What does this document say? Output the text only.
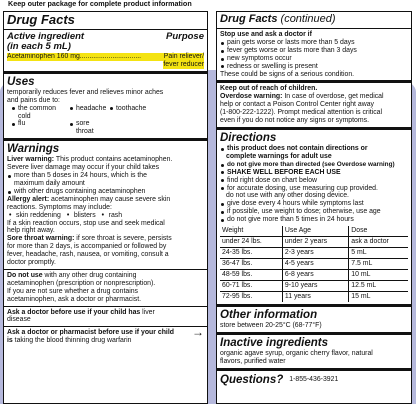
Keep outer package for complete product information
Drug Facts
Active ingredient
(in each 5 mL)
Purpose
Acetaminophen 160 mg................................	Pain reliever/
fever reducer
Uses
temporarily reduces fever and relieves minor aches
and pains due to:
the common cold
headache	toothache
flu	sore throat
Warnings
Liver warning: This product contains acetaminophen.
Severe liver damage may occur if your child takes
more than 5 doses in 24 hours, which is the
maximum daily amount
with other drugs containing acetaminophen
Allergy alert: acetaminophen may cause severe skin
reactions. Symptoms may include:
• skin reddening • blisters • rash
If a skin reaction occurs, stop use and seek medical
help right away.
Sore throat warning: if sore throat is severe, persists
for more than 2 days, is accompanied or followed by
fever, headache, rash, nausea, or vomiting, consult a
doctor promptly.
Do not use with any other drug containing
acetaminophen (prescription or nonprescription).
If you are not sure whether a drug contains
acetaminophen, ask a doctor or pharmacist.
Ask a doctor before use if your child has liver
disease
Ask a doctor or pharmacist before use if your child
is taking the blood thinning drug warfarin
→
Drug Facts (continued)
Stop use and ask a doctor if
pain gets worse or lasts more than 5 days
fever gets worse or lasts more than 3 days
new symptoms occur
redness or swelling is present
These could be signs of a serious condition.
Keep out of reach of children.
Overdose warning: In case of overdose, get medical
help or contact a Poison Control Center right away
(1-800-222-1222). Prompt medical attention is critical
even if you do not notice any signs or symptoms.
Directions
this product does not contain directions or
complete warnings for adult use
do not give more than directed (see Overdose warning)
SHAKE WELL BEFORE EACH USE
find right dose on chart below
for accurate dosing, use measuring cup provided.
do not use with any other dosing device.
give dose every 4 hours while symptoms last
if possible, use weight to dose; otherwise, use age
do not give more than 5 times in 24 hours
Weight	Use Age	Dose
under 24 lbs.	under 2 years	ask a doctor
24-35 lbs.	2-3 years	5 mL
36-47 lbs.	4-5 years	7.5 mL
48-59 lbs.	6-8 years	10 mL
60-71 lbs.	9-10 years	12.5 mL
72-95 lbs.	11 years	15 mL
Other information
store between 20-25°C (68-77°F)
Inactive ingredients
organic agave syrup, organic cherry flavor, natural
flavors, purified water
Questions? 1-855-436-3921
